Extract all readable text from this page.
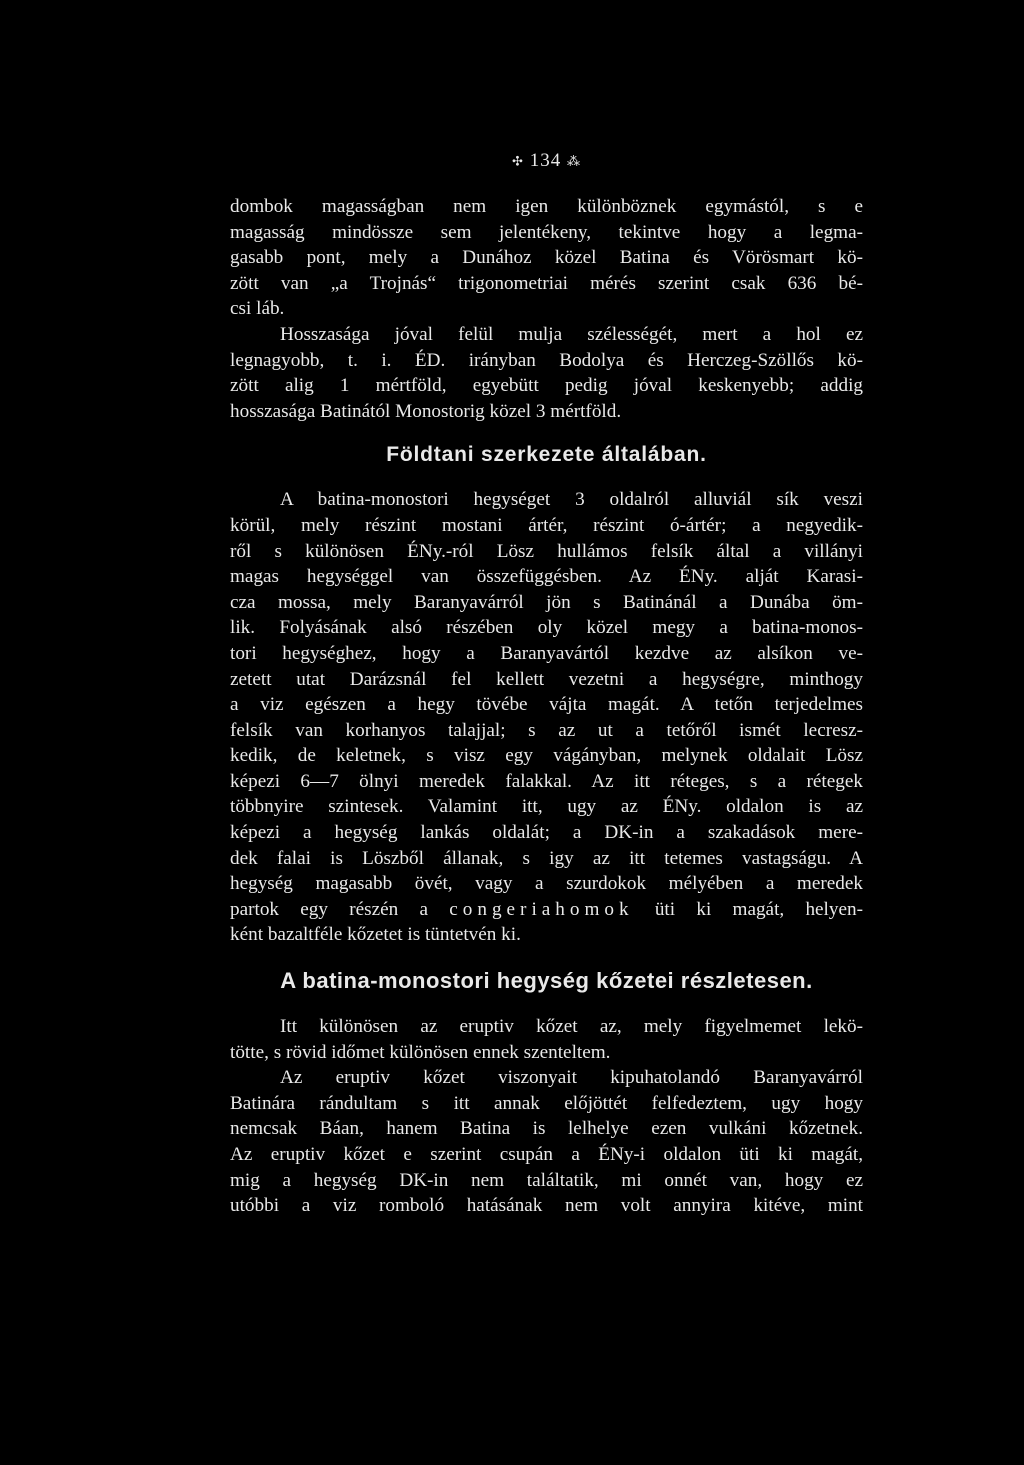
✣ 134 ⁂

dombok magasságban nem igen különböznek egymástól, s e
magasság mindössze sem jelentékeny, tekintve hogy a legma-
gasabb pont, mely a Dunához közel Batina és Vörösmart kö-
zött van „a Trojnás“ trigonometriai mérés szerint csak 636 bé-
csi láb.

Hosszasága jóval felül mulja szélességét, mert a hol ez
legnagyobb, t. i. ÉD. irányban Bodolya és Herczeg-Szöllős kö-
zött alig 1 mértföld, egyebütt pedig jóval keskenyebb; addig
hosszasága Batinától Monostorig közel 3 mértföld.

Földtani szerkezete általában.

A batina-monostori hegységet 3 oldalról alluviál sík veszi
körül, mely részint mostani ártér, részint ó-ártér; a negyedik-
ről s különösen ÉNy.-ról Lösz hullámos felsík által a villányi
magas hegységgel van összefüggésben. Az ÉNy. alját Karasi-
cza mossa, mely Baranyavárról jön s Batinánál a Dunába öm-
lik. Folyásának alsó részében oly közel megy a batina-monos-
tori hegységhez, hogy a Baranyavártól kezdve az alsíkon ve-
zetett utat Darázsnál fel kellett vezetni a hegységre, minthogy
a viz egészen a hegy tövébe vájta magát. A tetőn terjedelmes
felsík van korhanyos talajjal; s az ut a tetőről ismét lecresz-
kedik, de keletnek, s visz egy vágányban, melynek oldalait Lösz
képezi 6—7 ölnyi meredek falakkal. Az itt réteges, s a rétegek
többnyire szintesek. Valamint itt, ugy az ÉNy. oldalon is az
képezi a hegység lankás oldalát; a DK-in a szakadások mere-
dek falai is Löszből állanak, s igy az itt tetemes vastagságu. A
hegység magasabb övét, vagy a szurdokok mélyében a meredek
partok egy részén a congeriahomok üti ki magát, helyen-
ként bazaltféle kőzetet is tüntetvén ki.

A batina-monostori hegység kőzetei részletesen.

Itt különösen az eruptiv kőzet az, mely figyelmemet lekö-
tötte, s rövid időmet különösen ennek szenteltem.

Az eruptiv kőzet viszonyait kipuhatolandó Baranyavárról
Batinára rándultam s itt annak előjöttét felfedeztem, ugy hogy
nemcsak Báan, hanem Batina is lelhelye ezen vulkáni kőzetnek.
Az eruptiv kőzet e szerint csupán a ÉNy-i oldalon üti ki magát,
mig a hegység DK-in nem találtatik, mi onnét van, hogy ez
utóbbi a viz romboló hatásának nem volt annyira kitéve, mint
